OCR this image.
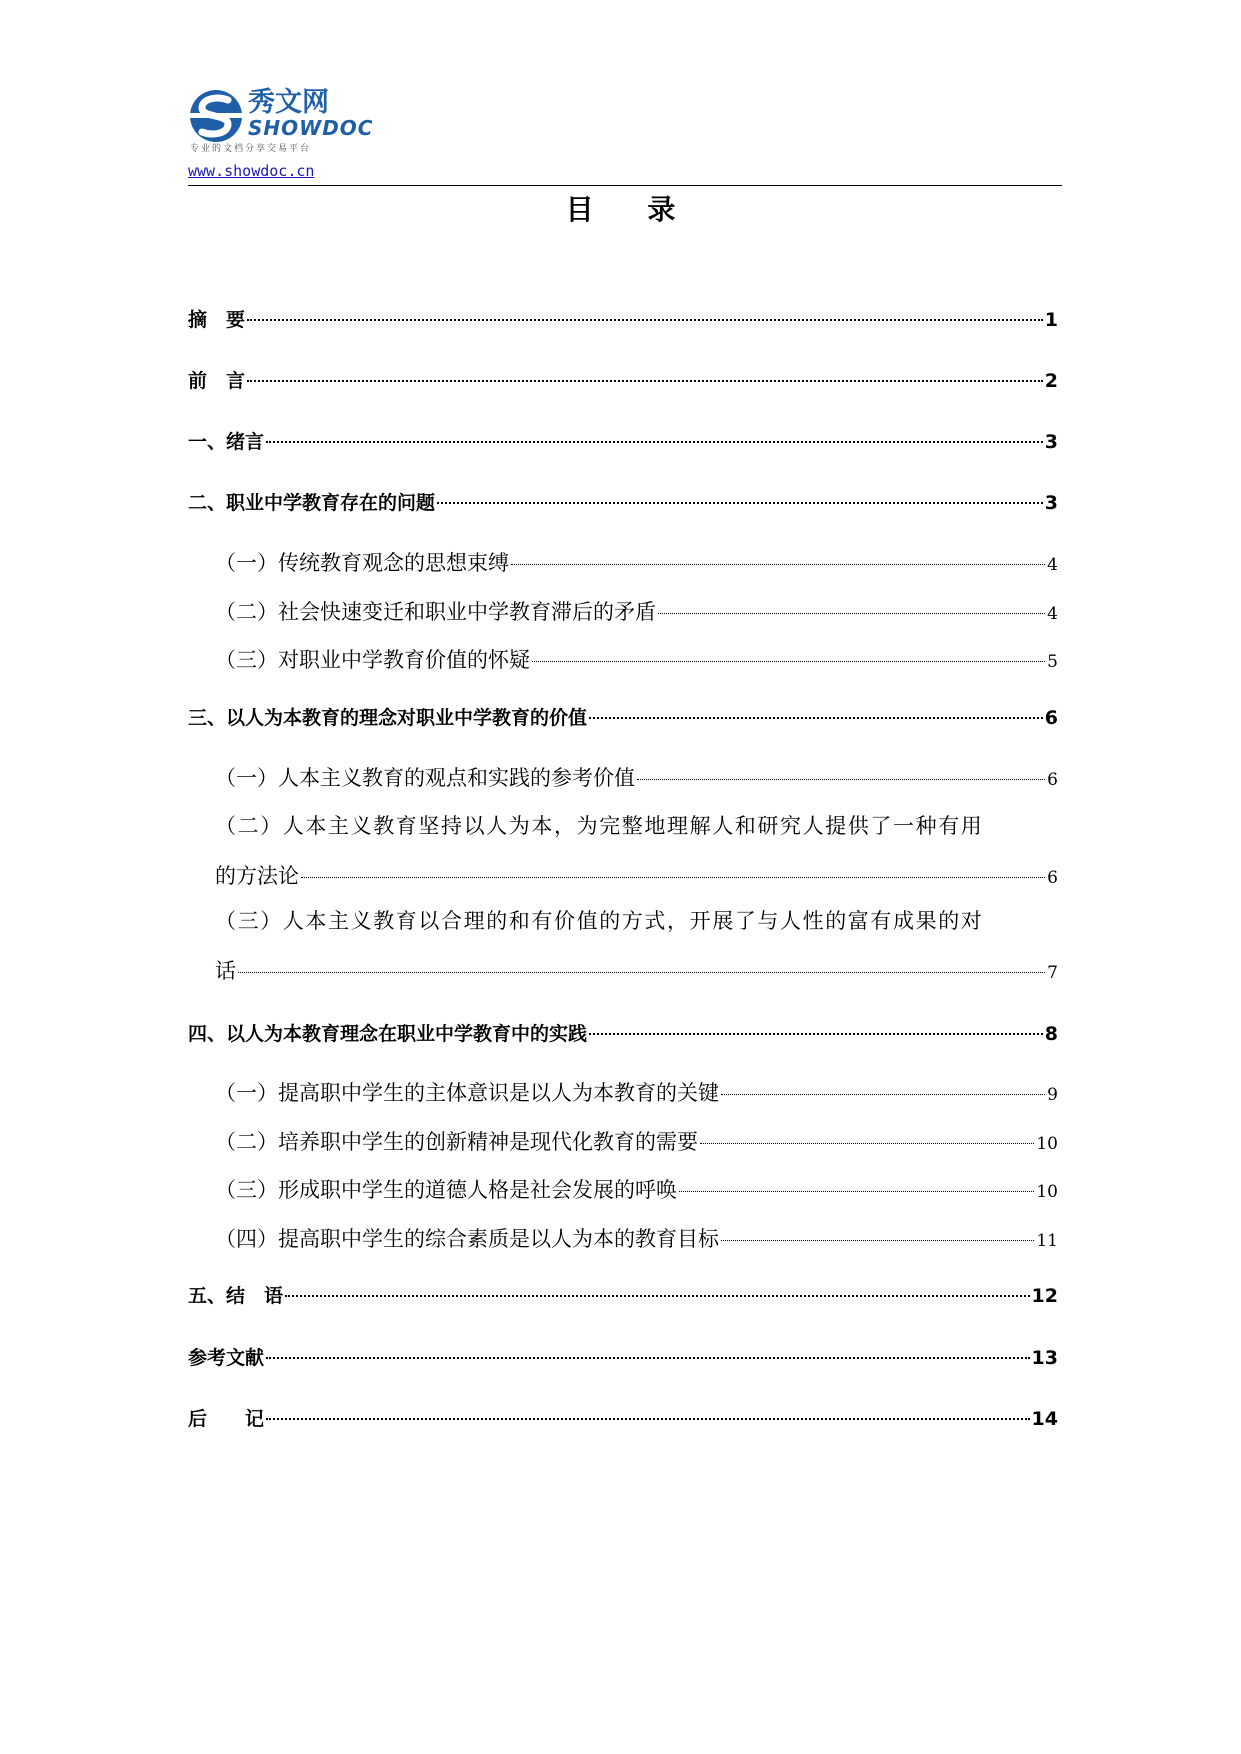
秀文网
SHOWDOC
专业的文档分享交易平台
www.showdoc.cn
目 录
摘　要	1
前　言	2
一、绪言	3
二、职业中学教育存在的问题	3
（一）传统教育观念的思想束缚	4
（二）社会快速变迁和职业中学教育滞后的矛盾	4
（三）对职业中学教育价值的怀疑	5
三、以人为本教育的理念对职业中学教育的价值	6
（一）人本主义教育的观点和实践的参考价值	6
（二）人本主义教育坚持以人为本，为完整地理解人和研究人提供了一种有用
的方法论	6
（三）人本主义教育以合理的和有价值的方式，开展了与人性的富有成果的对
话	7
四、以人为本教育理念在职业中学教育中的实践	8
（一）提高职中学生的主体意识是以人为本教育的关键	9
（二）培养职中学生的创新精神是现代化教育的需要	10
（三）形成职中学生的道德人格是社会发展的呼唤	10
（四）提高职中学生的综合素质是以人为本的教育目标	11
五、结　语	12
参考文献	13
后　　记	14
